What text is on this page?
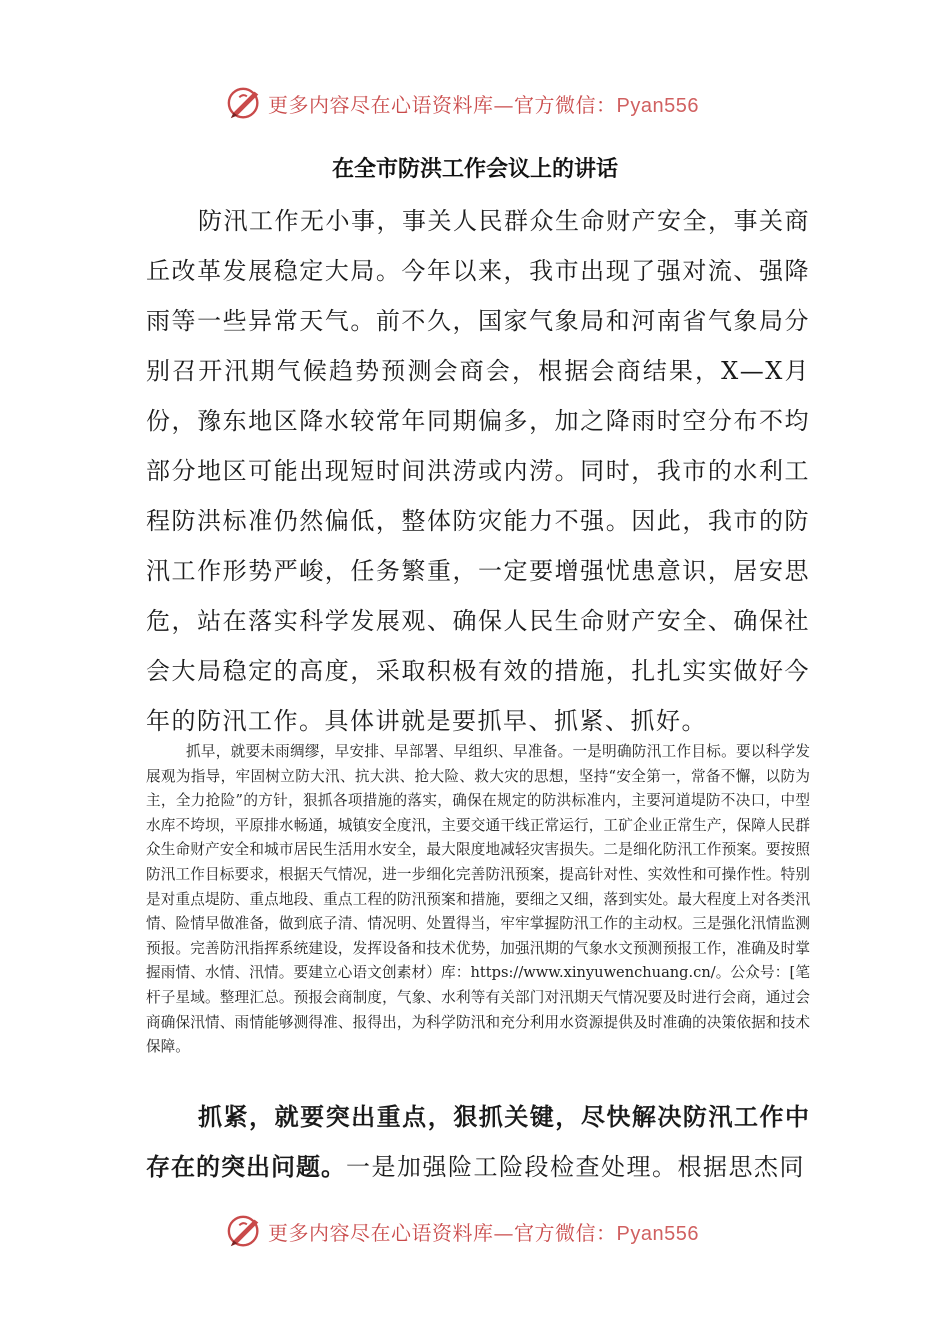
更多内容尽在心语资料库—官方微信：Pyan556
在全市防洪工作会议上的讲话

防汛工作无小事，事关人民群众生命财产安全，事关商丘改革发展稳定大局。今年以来，我市出现了强对流、强降雨等一些异常天气。前不久，国家气象局和河南省气象局分别召开汛期气候趋势预测会商会，根据会商结果，X—X月份，豫东地区降水较常年同期偏多，加之降雨时空分布不均部分地区可能出现短时间洪涝或内涝。同时，我市的水利工程防洪标准仍然偏低，整体防灾能力不强。因此，我市的防汛工作形势严峻，任务繁重，一定要增强忧患意识，居安思危，站在落实科学发展观、确保人民生命财产安全、确保社会大局稳定的高度，采取积极有效的措施，扎扎实实做好今年的防汛工作。具体讲就是要抓早、抓紧、抓好。

抓早，就要未雨绸缪，早安排、早部署、早组织、早准备。一是明确防汛工作目标。要以科学发展观为指导，牢固树立防大汛、抗大洪、抢大险、救大灾的思想，坚持“安全第一，常备不懈，以防为主，全力抢险”的方针，狠抓各项措施的落实，确保在规定的防洪标准内，主要河道堤防不决口，中型水库不垮坝，平原排水畅通，城镇安全度汛，主要交通干线正常运行，工矿企业正常生产，保障人民群众生命财产安全和城市居民生活用水安全，最大限度地减轻灾害损失。二是细化防汛工作预案。要按照防汛工作目标要求，根据天气情况，进一步细化完善防汛预案，提高针对性、实效性和可操作性。特别是对重点堤防、重点地段、重点工程的防汛预案和措施，要细之又细，落到实处。最大程度上对各类汛情、险情早做准备，做到底子清、情况明、处置得当，牢牢掌握防汛工作的主动权。三是强化汛情监测预报。完善防汛指挥系统建设，发挥设备和技术优势，加强汛期的气象水文预测预报工作，准确及时掌握雨情、水情、汛情。要建立心语文创素材）库：https://www.xinyuwenchuang.cn/。公众号：[笔杆子星域。整理汇总。预报会商制度，气象、水利等有关部门对汛期天气情况要及时进行会商，通过会商确保汛情、雨情能够测得准、报得出，为科学防汛和充分利用水资源提供及时准确的决策依据和技术保障。

抓紧，就要突出重点，狠抓关键，尽快解决防汛工作中存在的突出问题。一是加强险工险段检查处理。根据思杰同

更多内容尽在心语资料库—官方微信：Pyan556
